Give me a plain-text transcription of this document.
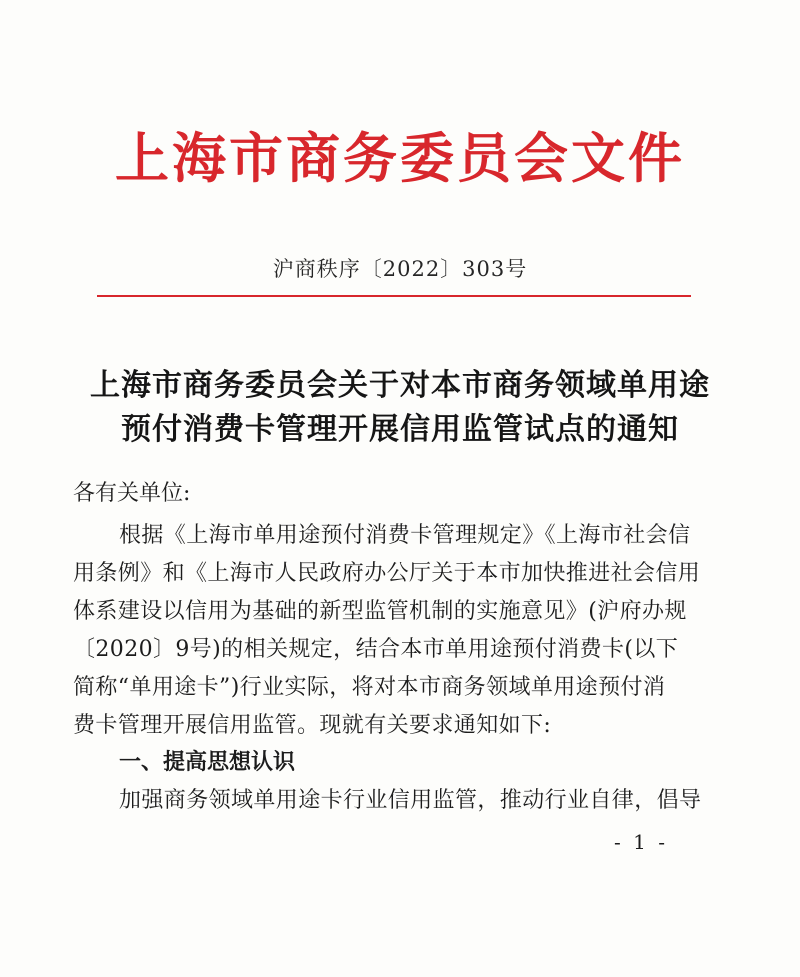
上海市商务委员会文件
沪商秩序〔2022〕303号
上海市商务委员会关于对本市商务领域单用途
预付消费卡管理开展信用监管试点的通知
各有关单位:
根据《上海市单用途预付消费卡管理规定》《上海市社会信
用条例》和《上海市人民政府办公厅关于本市加快推进社会信用
体系建设以信用为基础的新型监管机制的实施意见》(沪府办规
〔2020〕9号)的相关规定，结合本市单用途预付消费卡(以下
简称“单用途卡”)行业实际，将对本市商务领域单用途预付消
费卡管理开展信用监管。现就有关要求通知如下:
一、提高思想认识
加强商务领域单用途卡行业信用监管，推动行业自律，倡导
- 1 -
